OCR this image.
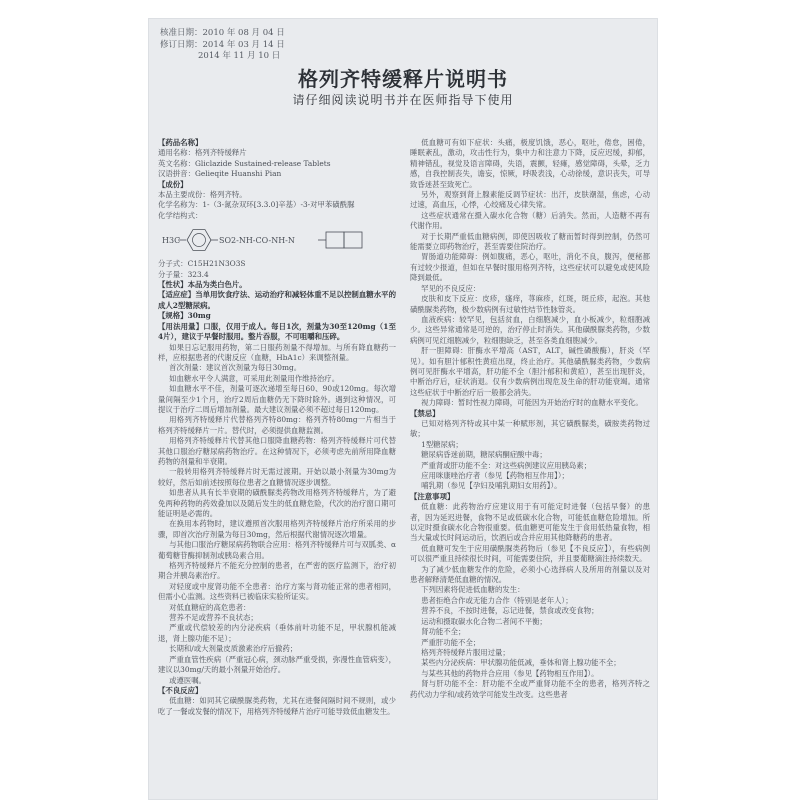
核准日期：2010 年 08 月 04 日
修订日期：2014 年 03 月 14 日
2014 年 11 月 10 日
格列齐特缓释片说明书
请仔细阅读说明书并在医师指导下使用

【药品名称】

通用名称：格列齐特缓释片

英文名称：Gliclazide Sustained-release Tablets

汉语拼音：Gelieqite Huanshi Pian

【成份】

本品主要成份：格列齐特。

化学名称为：1-（3-氮杂双环[3.3.0]辛基）-3-对甲苯磺酰脲

化学结构式：

H3C	SO2-NH-CO-NH-N

分子式：C15H21N3O3S

分子量：323.4

【性状】本品为类白色片。

【适应症】当单用饮食疗法、运动治疗和减轻体重不足以控制血糖水平的成人2型糖尿病。

【规格】30mg

【用法用量】口服，仅用于成人。每日1次，剂量为30至120mg（1至4片），建议于早餐时服用。整片吞服，不可咀嚼和压碎。

如果日忘记服用药物，第二日服药剂量不得增加。与所有降血糖药一样，应根据患者的代谢反应（血糖，HbA1c）来调整剂量。

首次剂量：建议首次剂量为每日30mg。

如血糖水平令人满意，可采用此剂量用作维持治疗。

如血糖水平不佳，剂量可逐次递增至每日60、90或120mg。每次增量间隔至少1个月，治疗2周后血糖仍无下降时除外。遇到这种情况，可提议于治疗二周后增加剂量。最大建议剂量必须不超过每日120mg。

用格列齐特缓释片代替格列齐特80mg：格列齐特80mg一片相当于格列齐特缓释片一片。替代时，必须提供血糖监测。

用格列齐特缓释片代替其他口服降血糖药物：格列齐特缓释片可代替其他口服治疗糖尿病药物治疗。在这种情况下，必须考虑先前所用降血糖药物的剂量和半衰期。

一般转用格列齐特缓释片时无需过渡期。开始以最小剂量为30mg为较好，然后如前述按照每位患者之血糖情况逐步调整。

如患者从具有长半衰期的磺酰脲类药物改用格列齐特缓释片，为了避免两种药物的药效叠加以及随后发生的低血糖危险，代次的治疗窗口期可能证明是必需的。

在换用本药物时，建议遵照首次服用格列齐特缓释片治疗所采用的步骤，即首次治疗剂量为每日30mg，然后根据代谢情况逐次增量。

与其他口服治疗糖尿病药物联合应用：格列齐特缓释片可与双胍类、α葡萄糖苷酶抑制剂或胰岛素合用。

格列齐特缓释片不能充分控制的患者，在严密的医疗监测下，治疗初期合并胰岛素治疗。

对轻度或中度肾功能不全患者：治疗方案与肾功能正常的患者相同，但需小心监测。这些资料已被临床实验所证实。

对低血糖症的高危患者：

营养不足或营养不良状态；

严重或代偿较差的内分泌疾病（垂体前叶功能不足，甲状腺机能减退，肾上腺功能不足）；

长期和/或大剂量皮质激素治疗后撤药；

严重血管性疾病（严重冠心病，颈动脉严重受损，弥漫性血管病变），建议以30mg/天的最小剂量开始治疗。

或遵医嘱。

【不良反应】

低血糖：如同其它磺酰脲类药物，尤其在进餐间隔时间不规则，或少吃了一餐或发餐的情况下，用格列齐特缓释片治疗可能导致低血糖发生。

低血糖可有如下症状：头痛，极度饥饿，恶心，呕吐，倦怠，困倦，睡眠紊乱，激动，攻击性行为，集中力和注意力下降，反应迟缓，抑郁，精神错乱，视觉及语言障碍，失语，震颤，轻瘫，感觉障碍，头晕，乏力感，自我控制丧失，谵妄，惊厥，呼吸表浅，心动徐缓，意识丧失，可导致昏迷甚至致死亡。

另外，观察到肾上腺素能反调节症状：出汗，皮肤潮湿，焦虑，心动过速，高血压，心悸，心绞痛及心律失常。

这些症状通常在摄入碳水化合物（糖）后消失。然而，人造糖不再有代谢作用。

对于长期严重低血糖病例，即使因吸收了糖而暂时得到控制，仍然可能需要立即药物治疗，甚至需要住院治疗。

胃肠道功能障碍：例如腹痛，恶心，呕吐，消化不良，腹泻，便秘都有过较少报道，但如在早餐时服用格列齐特，这些症状可以避免或使风险降到最低。

罕见的不良反应：

皮肤和皮下反应：皮疹，瘙痒，荨麻疹，红斑，斑丘疹，起泡。其他磺酰脲类药物，极少数病例有过敏性结节性脉管炎。

血液疾病：较罕见，包括贫血，白细胞减少，血小板减少，粒细胞减少。这些异常通常是可逆的，治疗停止时消失。其他磺酰脲类药物，少数病例可见红细胞减少，粒细胞缺乏，甚至各类血细胞减少。

肝一胆障碍：肝酶水平增高（AST，ALT，碱性磷酸酶），肝炎（罕见）。如有胆汁郁积性黄疸出现，终止治疗。其他磺酰脲类药物，少数病例可见肝酶水平增高，肝功能不全（胆汁郁积和黄疸），甚至出现肝炎，中断治疗后，症状消退。仅有少数病例出现危及生命的肝功能衰竭。通常这些症状于中断治疗后一般都会消失。

视力障碍：暂时性视力障碍，可能因为开始治疗时的血糖水平变化。

【禁忌】

已知对格列齐特或其中某一种赋形剂，其它磺酰脲类，磺胺类药物过敏；

1型糖尿病；

糖尿病昏迷前期，糖尿病酮症酸中毒；

严重肾或肝功能不全：对这些病例建议应用胰岛素；

应用咪康唑治疗者（参见【药物相互作用】）；

哺乳期（参见【孕妇及哺乳期妇女用药】）。

【注意事项】

低血糖：此药物治疗应建议用于有可能定时进餐（包括早餐）的患者，因为延迟进餐，食物不足或低碳水化合物，可能低血糖危险增加。所以定时摄食碳水化合物很重要。低血糖更可能发生于食用低热量食物，相当大量或长时间运动后，饮酒后或合并应用其他降糖药的患者。

低血糖可发生于应用磺酰脲类药物后（参见【不良反应】），有些病例可以很严重且持续很长时间，可能需要住院，并且要葡糖滴注持续数天。

为了减少低血糖发作的危险，必须小心选择病人及所用的剂量以及对患者解释清楚低血糖的情况。

下列因素将促进低血糖的发生：

患者拒绝合作或无能力合作（特别是老年人）；

营养不良，不按时进餐，忘记进餐，禁食或改变食物；

运动和摄取碳水化合物二者间不平衡；

肾功能不全；

严重肝功能不全；

格列齐特缓释片服用过量；

某些内分泌疾病：甲状腺功能低减，垂体和肾上腺功能不全；

与某些其他的药物并合应用（参见【药物相互作用】）。

肾与肝功能不全：肝功能不全或严重肾功能不全的患者，格列齐特之药代动力学和/或药效学可能发生改变。这些患者
